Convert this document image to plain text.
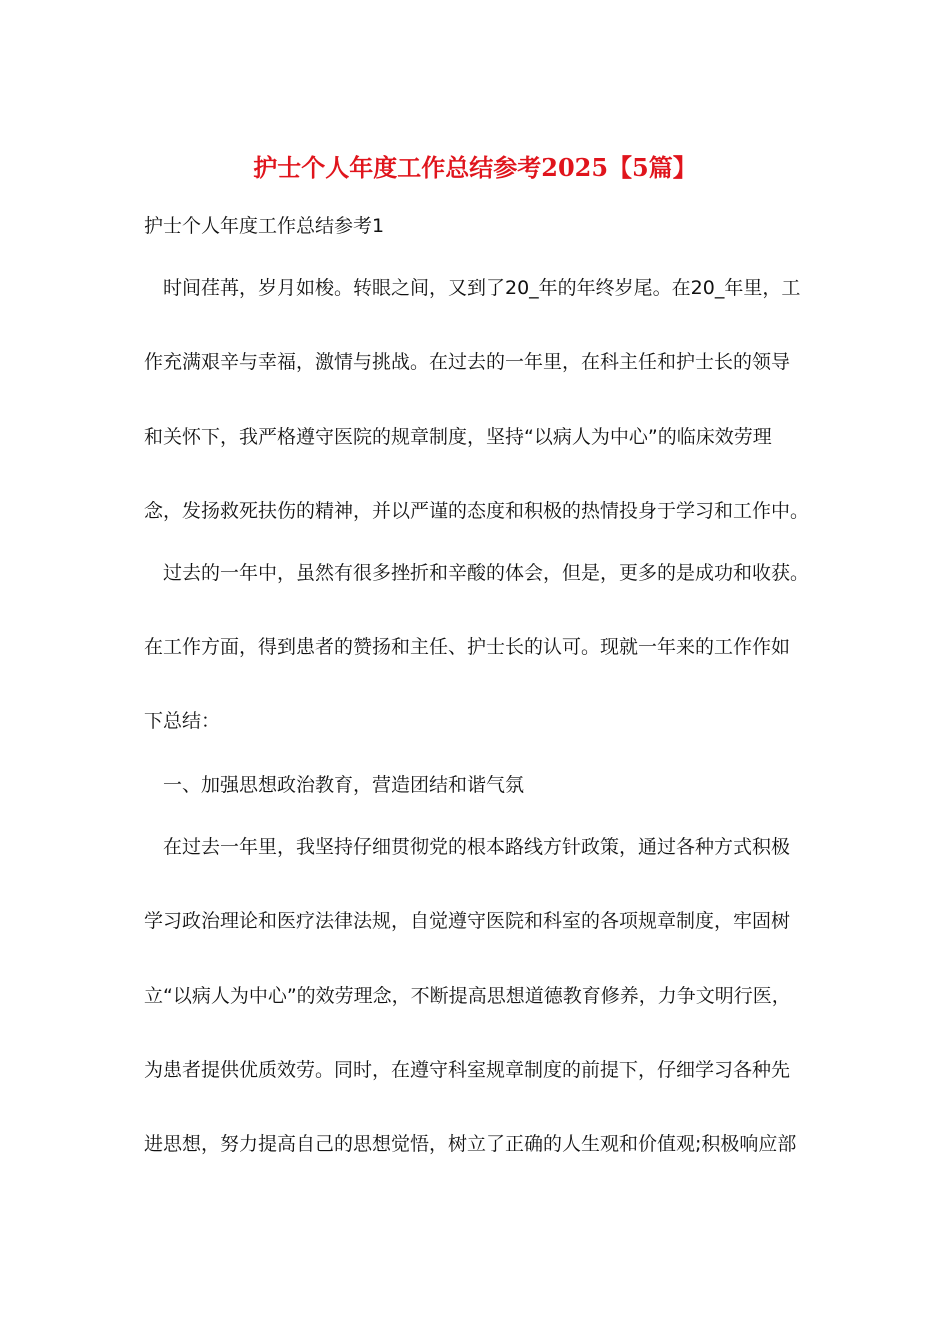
护士个人年度工作总结参考2025【5篇】
护士个人年度工作总结参考1
时间荏苒，岁月如梭。转眼之间，又到了20_年的年终岁尾。在20_年里，工
作充满艰辛与幸福，激情与挑战。在过去的一年里，在科主任和护士长的领导
和关怀下，我严格遵守医院的规章制度，坚持“以病人为中心”的临床效劳理
念，发扬救死扶伤的精神，并以严谨的态度和积极的热情投身于学习和工作中。
过去的一年中，虽然有很多挫折和辛酸的体会，但是，更多的是成功和收获。
在工作方面，得到患者的赞扬和主任、护士长的认可。现就一年来的工作作如
下总结：
一、加强思想政治教育，营造团结和谐气氛
在过去一年里，我坚持仔细贯彻党的根本路线方针政策，通过各种方式积极
学习政治理论和医疗法律法规，自觉遵守医院和科室的各项规章制度，牢固树
立“以病人为中心”的效劳理念，不断提高思想道德教育修养，力争文明行医，
为患者提供优质效劳。同时，在遵守科室规章制度的前提下，仔细学习各种先
进思想，努力提高自己的思想觉悟，树立了正确的人生观和价值观;积极响应部
